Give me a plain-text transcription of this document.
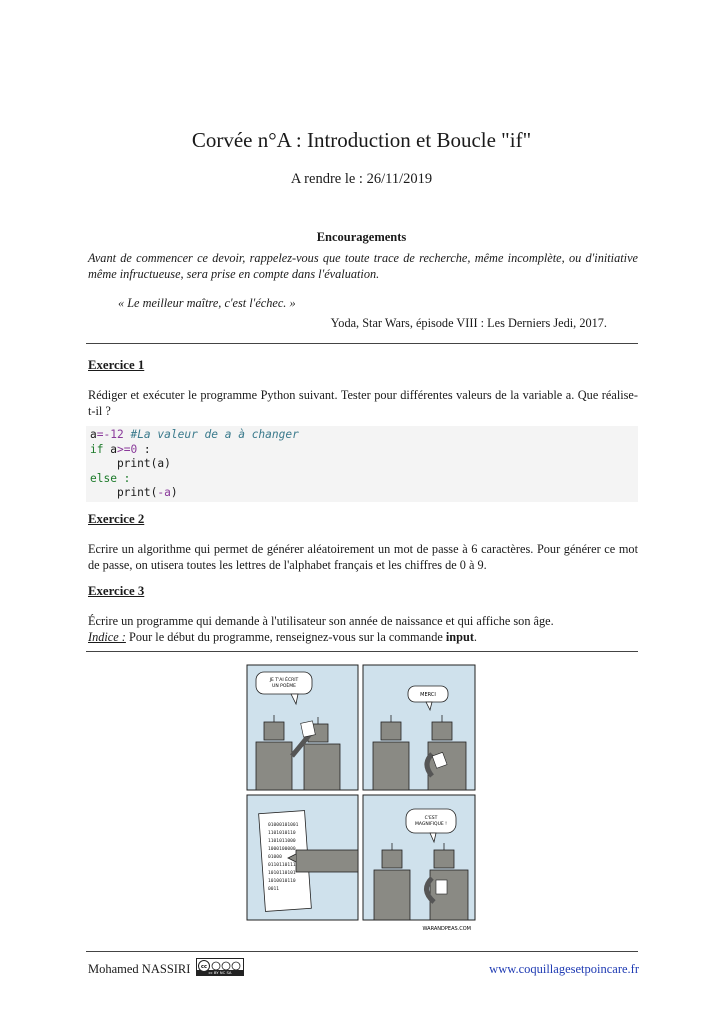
Corvée n°A : Introduction et Boucle "if"
A rendre le : 26/11/2019
Encouragements
Avant de commencer ce devoir, rappelez-vous que toute trace de recherche, même incomplète, ou d'initiative même infructueuse, sera prise en compte dans l'évaluation.
« Le meilleur maître, c'est l'échec. »
Yoda, Star Wars, épisode VIII : Les Derniers Jedi, 2017.
Exercice 1
Rédiger et exécuter le programme Python suivant. Tester pour différentes valeurs de la variable a. Que réalise-t-il ?
a=-12 #La valeur de a à changer
if a>=0 :
print(a)
else :
print(-a)
Exercice 2
Ecrire un algorithme qui permet de générer aléatoirement un mot de passe à 6 caractères. Pour générer ce mot de passe, on utisera toutes les lettres de l'alphabet français et les chiffres de 0 à 9.
Exercice 3
Écrire un programme qui demande à l'utilisateur son année de naissance et qui affiche son âge.
Indice : Pour le début du programme, renseignez-vous sur la commande input.
JE T'AI ÉCRIT UN POÈME
MERCI
01000101001
1101010110
1101011000
1000100000
01000
0110110111
1010110101
1010010110
0011
C'EST MAGNIFIQUE !
WARANDPEAS.COM
Mohamed NASSIRI cc
cc BY NC SA	www.coquillagesetpoincare.fr
